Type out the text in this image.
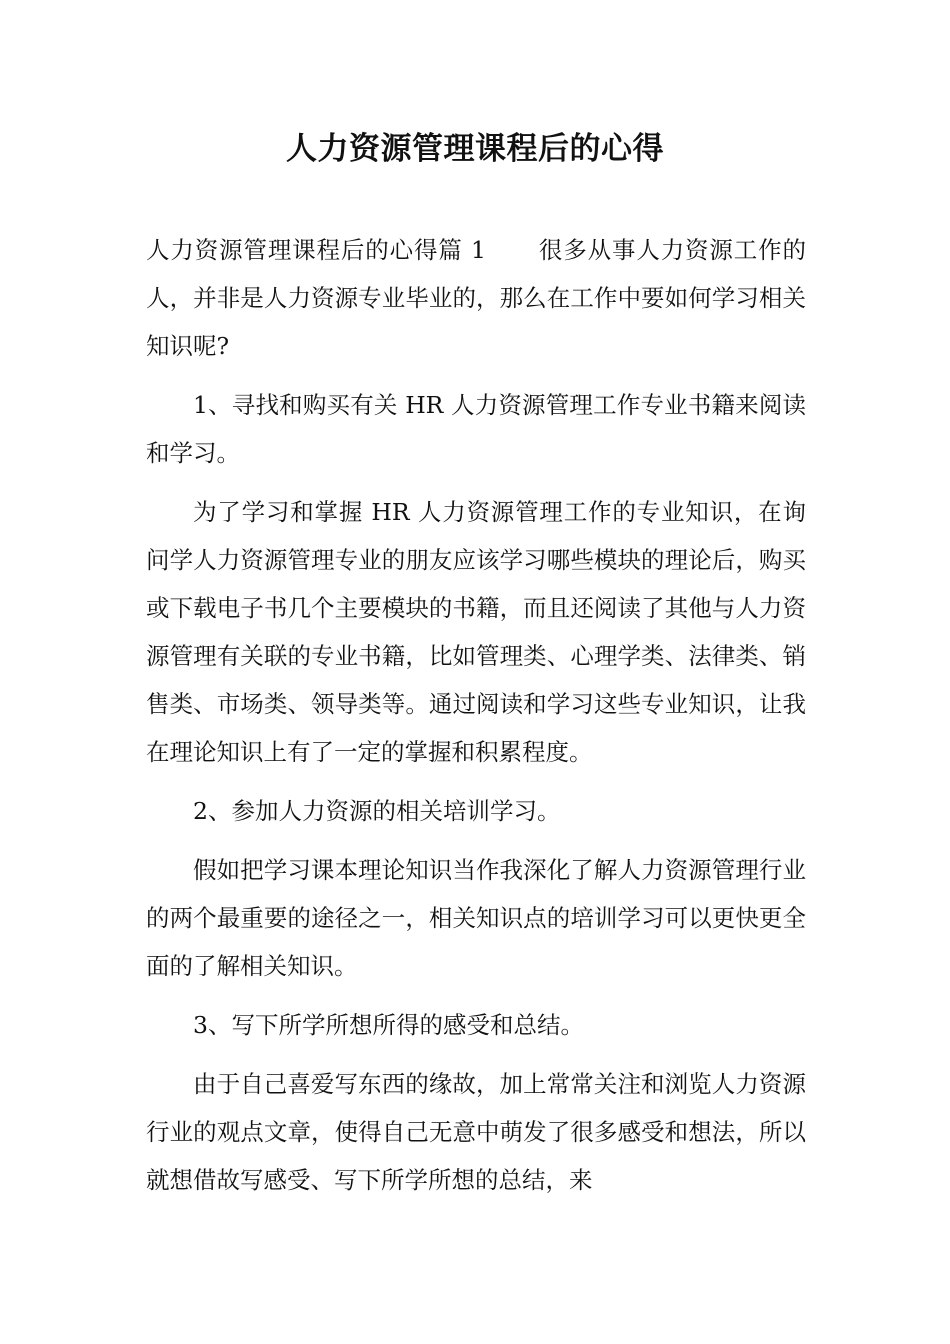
人力资源管理课程后的心得

人力资源管理课程后的心得篇 1 很多从事人力资源工作的人，并非是人力资源专业毕业的，那么在工作中要如何学习相关知识呢?

1、寻找和购买有关 HR 人力资源管理工作专业书籍来阅读和学习。

为了学习和掌握 HR 人力资源管理工作的专业知识，在询问学人力资源管理专业的朋友应该学习哪些模块的理论后，购买或下载电子书几个主要模块的书籍，而且还阅读了其他与人力资源管理有关联的专业书籍，比如管理类、心理学类、法律类、销售类、市场类、领导类等。通过阅读和学习这些专业知识，让我在理论知识上有了一定的掌握和积累程度。

2、参加人力资源的相关培训学习。

假如把学习课本理论知识当作我深化了解人力资源管理行业的两个最重要的途径之一，相关知识点的培训学习可以更快更全面的了解相关知识。

3、写下所学所想所得的感受和总结。

由于自己喜爱写东西的缘故，加上常常关注和浏览人力资源行业的观点文章，使得自己无意中萌发了很多感受和想法，所以就想借故写感受、写下所学所想的总结，来
